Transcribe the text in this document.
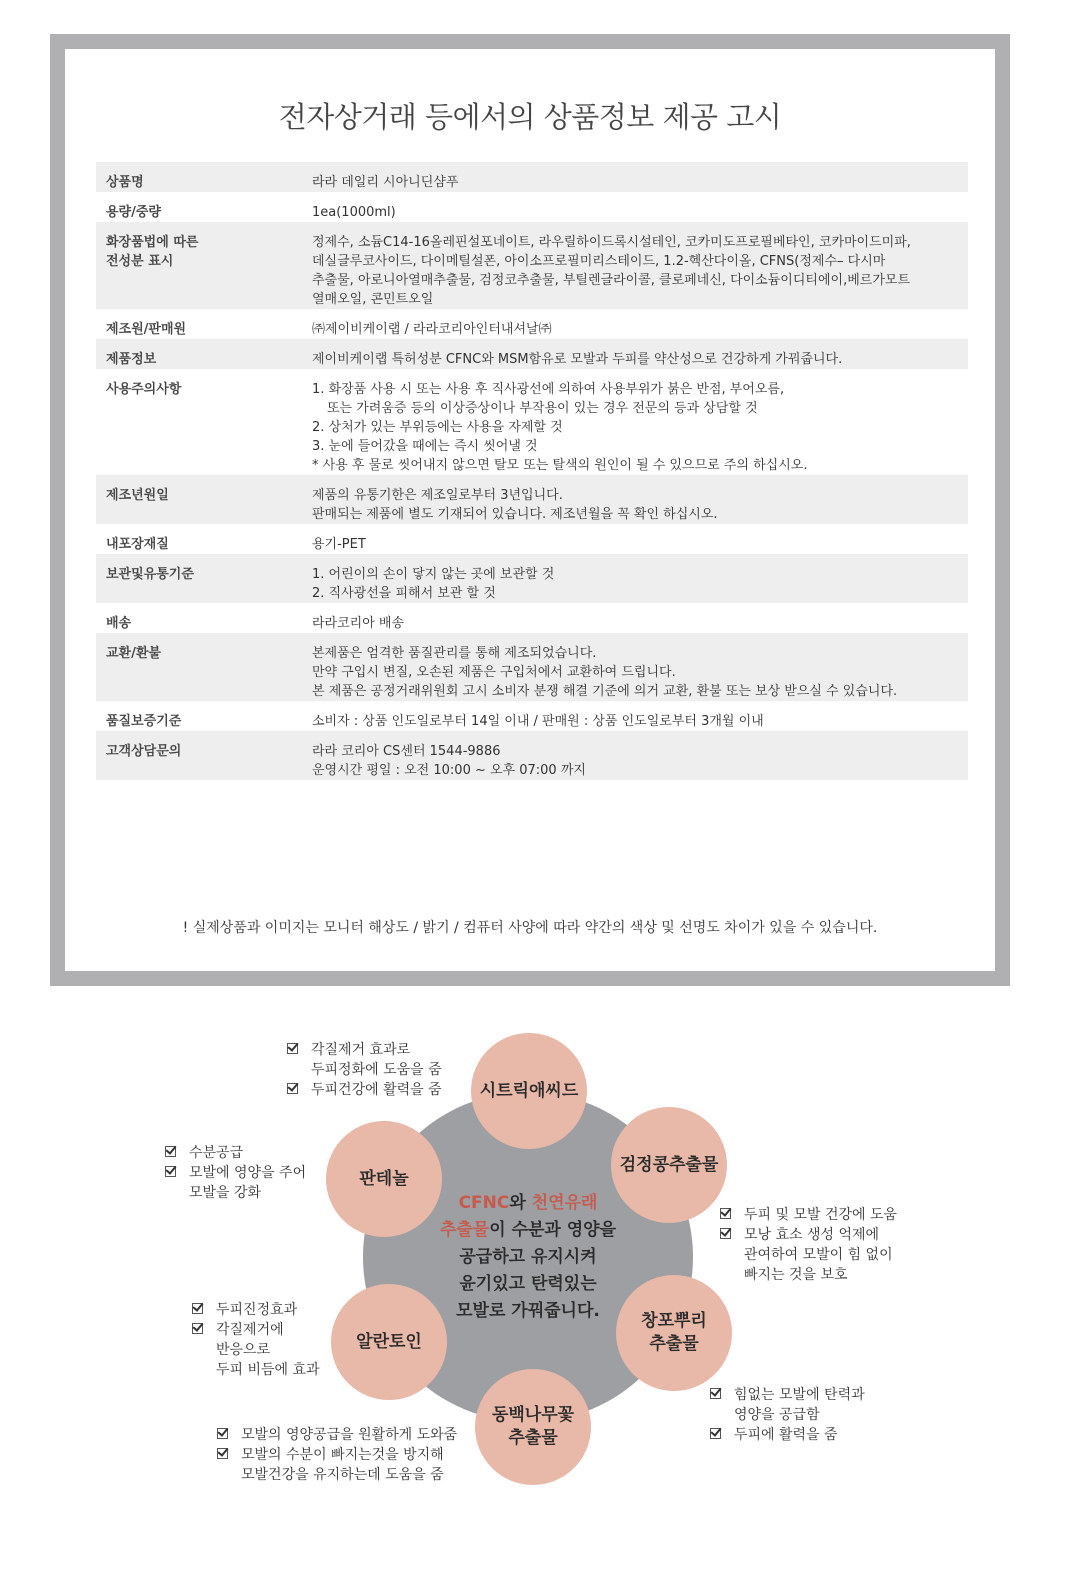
전자상거래 등에서의 상품정보 제공 고시
상품명	라라 데일리 시아니딘샴푸

용량/중량	1ea(1000ml)

화장품법에 따른
전성분 표시	정제수, 소듐C14-16올레핀설포네이트, 라우릴하이드록시설테인, 코카미도프로필베타인, 코카마이드미파,
데실글루코사이드, 다이메틸설폰, 아이소프로필미리스테이드, 1.2-헥산다이올, CFNS(정제수– 다시마
추출물, 아로니아열매추출물, 검정코추출물, 부틸렌글라이콜, 클로페네신, 다이소듐이디티에이,베르가모트
열매오일, 콘민트오일

제조원/판매원	㈜제이비케이랩 / 라라코리아인터내셔날㈜

제품정보	제이비케이랩 특허성분 CFNC와 MSM함유로 모발과 두피를 약산성으로 건강하게 가꿔줍니다.

사용주의사항	1. 화장품 사용 시 또는 사용 후 직사광선에 의하여 사용부위가 붉은 반점, 부어오름,
또는 가려움증 등의 이상증상이나 부작용이 있는 경우 전문의 등과 상담할 것
2. 상처가 있는 부위등에는 사용을 자제할 것
3. 눈에 들어갔을 때에는 즉시 씻어낼 것
* 사용 후 물로 씻어내지 않으면 탈모 또는 탈색의 원인이 될 수 있으므로 주의 하십시오.

제조년원일	제품의 유통기한은 제조일로부터 3년입니다.
판매되는 제품에 별도 기재되어 있습니다. 제조년월을 꼭 확인 하십시오.

내포장재질	용기-PET

보관및유통기준	1. 어린이의 손이 닿지 않는 곳에 보관할 것
2. 직사광선을 피해서 보관 할 것

배송	라라코리아 배송

교환/환불	본제품은 엄격한 품질관리를 통해 제조되었습니다.
만약 구입시 변질, 오손된 제품은 구입처에서 교환하여 드립니다.
본 제품은 공정거래위원회 고시 소비자 분쟁 해결 기준에 의거 교환, 환불 또는 보상 받으실 수 있습니다.

품질보증기준	소비자 : 상품 인도일로부터 14일 이내 / 판매원 : 상품 인도일로부터 3개월 이내

고객상담문의	라라 코리아 CS센터 1544-9886
운영시간 평일 : 오전 10:00 ~ 오후 07:00 까지
! 실제상품과 이미지는 모니터 해상도 / 밝기 / 컴퓨터 사양에 따라 약간의 색상 및 선명도 차이가 있을 수 있습니다.
CFNC와 천연유래
추출물이 수분과 영양을
공급하고 유지시켜
윤기있고 탄력있는
모발로 가꿔줍니다.
시트릭애씨드
판테놀
검정콩추출물
알란토인
창포뿌리
추출물
동백나무꽃
추출물
각질제거 효과로
두피정화에 도움을 줌
두피건강에 활력을 줌
수분공급
모발에 영양을 주어
모발을 강화
두피 및 모발 건강에 도움
모낭 효소 생성 억제에
관여하여 모발이 힘 없이
빠지는 것을 보호
두피진정효과
각질제거에
반응으로
두피 비듬에 효과
힘없는 모발에 탄력과
영양을 공급함
두피에 활력을 줌
모발의 영양공급을 원활하게 도와줌
모발의 수분이 빠지는것을 방지해
모발건강을 유지하는데 도움을 줌
